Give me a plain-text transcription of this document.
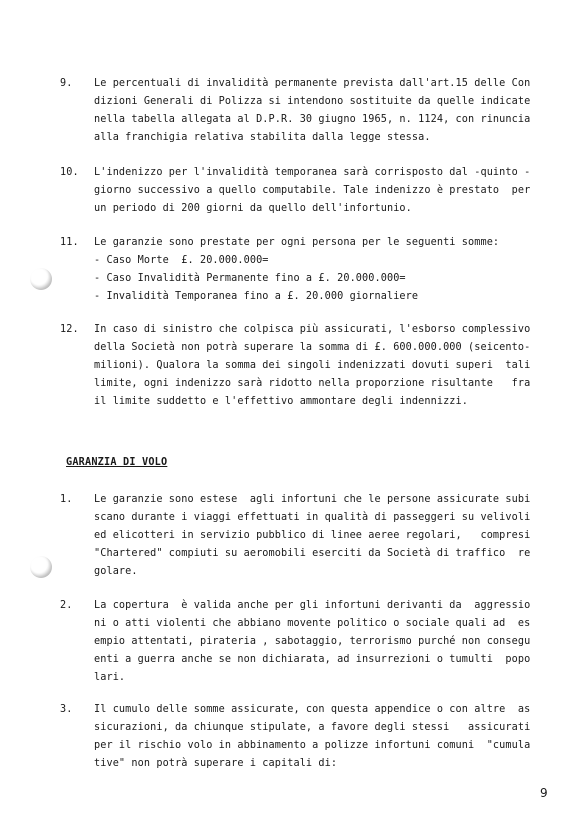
9. Le percentuali di invalidità permanente prevista dall'art.15 delle Con
dizioni Generali di Polizza si intendono sostituite da quelle indicate
nella tabella allegata al D.P.R. 30 giugno 1965, n. 1124, con rinuncia
alla franchigia relativa stabilita dalla legge stessa.
10. L'indenizzo per l'invalidità temporanea sarà corrisposto dal -quinto -
giorno successivo a quello computabile. Tale indenizzo è prestato  per
un periodo di 200 giorni da quello dell'infortunio.
11. Le garanzie sono prestate per ogni persona per le seguenti somme:
- Caso Morte  £. 20.000.000=
- Caso Invalidità Permanente fino a £. 20.000.000=
- Invalidità Temporanea fino a £. 20.000 giornaliere
12. In caso di sinistro che colpisca più assicurati, l'esborso complessivo
della Società non potrà superare la somma di £. 600.000.000 (seicento-
milioni). Qualora la somma dei singoli indenizzati dovuti superi  tali
limite, ogni indenizzo sarà ridotto nella proporzione risultante   fra
il limite suddetto e l'effettivo ammontare degli indennizzi.
GARANZIA DI VOLO
1. Le garanzie sono estese  agli infortuni che le persone assicurate subi
scano durante i viaggi effettuati in qualità di passeggeri su velivoli
ed elicotteri in servizio pubblico di linee aeree regolari,   compresi
"Chartered" compiuti su aeromobili eserciti da Società di traffico  re
golare.
2. La copertura  è valida anche per gli infortuni derivanti da  aggressio
ni o atti violenti che abbiano movente politico o sociale quali ad  es
empio attentati, pirateria , sabotaggio, terrorismo purché non consegu
enti a guerra anche se non dichiarata, ad insurrezioni o tumulti  popo
lari.
3. Il cumulo delle somme assicurate, con questa appendice o con altre  as
sicurazioni, da chiunque stipulate, a favore degli stessi   assicurati
per il rischio volo in abbinamento a polizze infortuni comuni  "cumula
tive" non potrà superare i capitali di:
9
